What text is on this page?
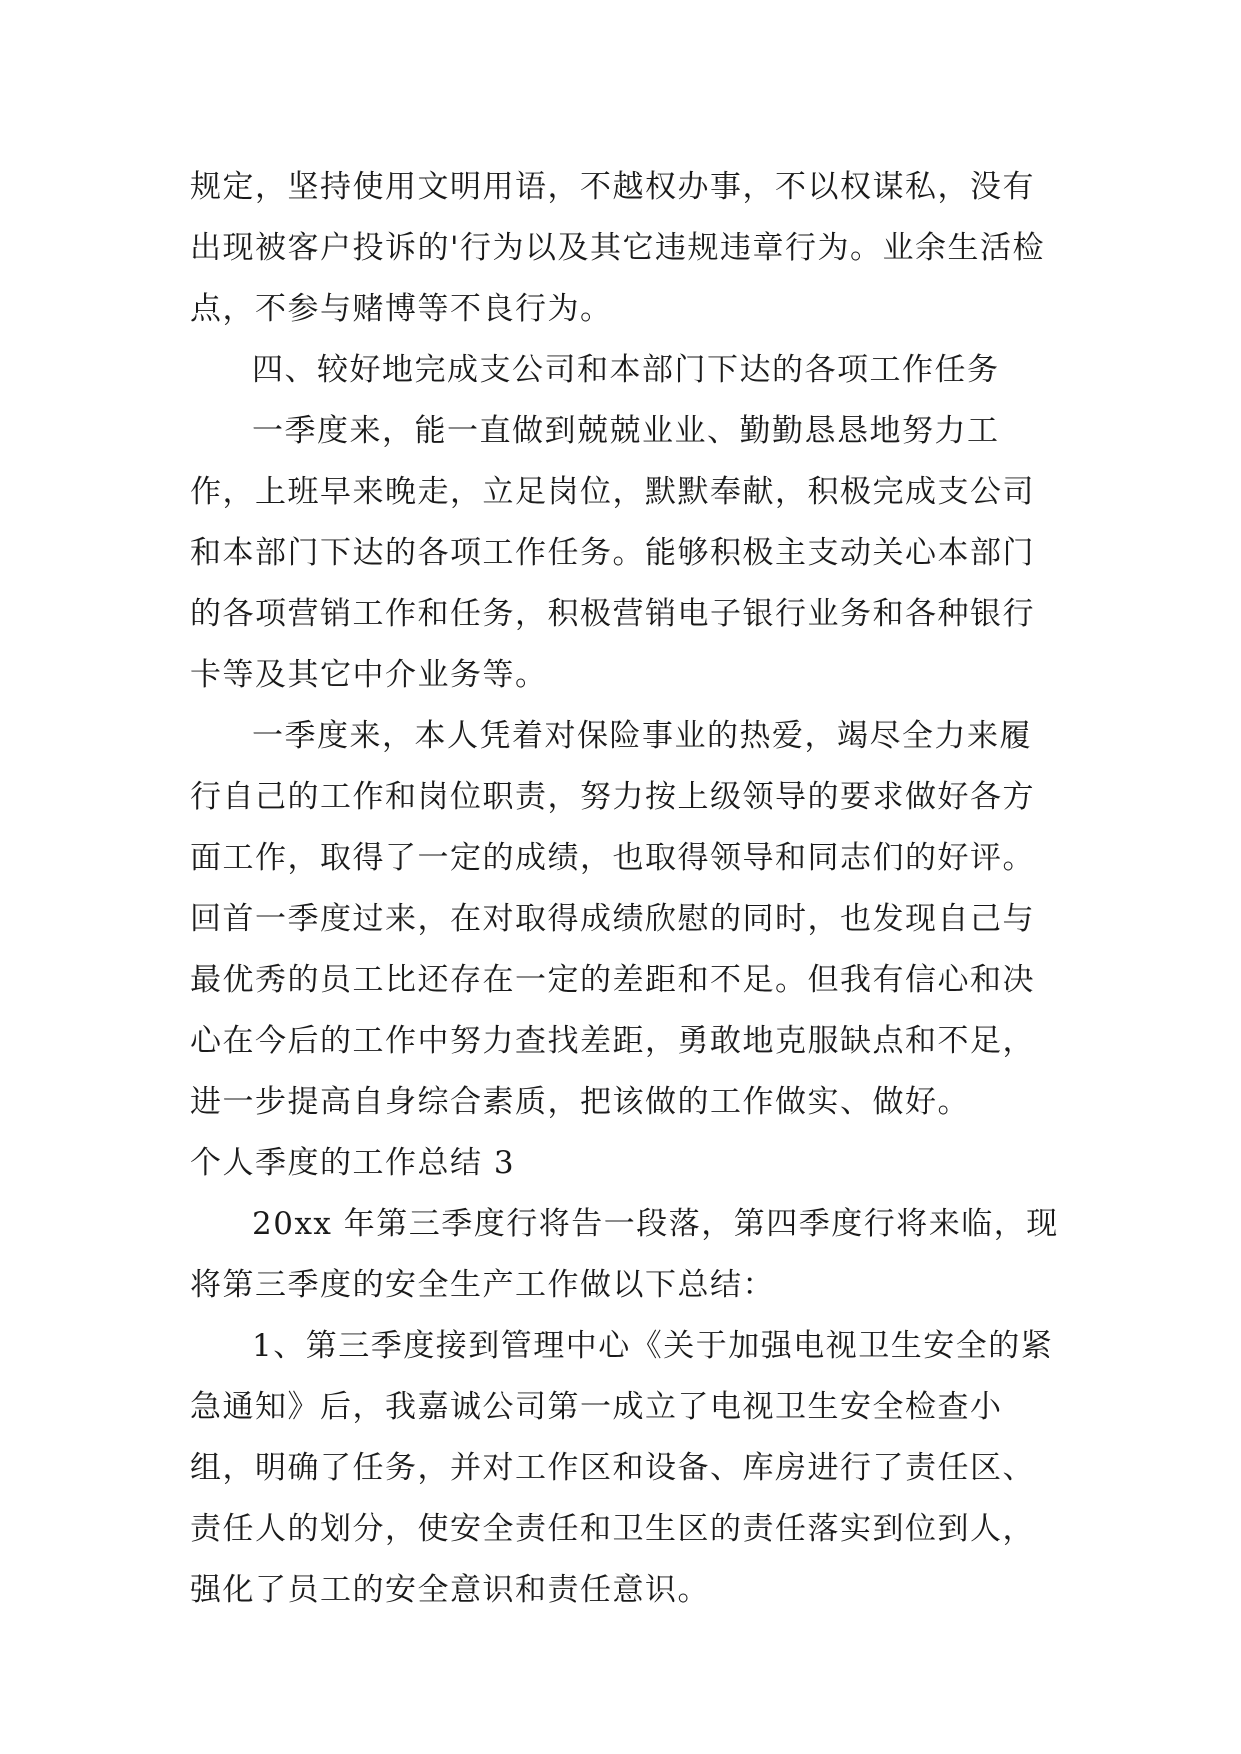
规定，坚持使用文明用语，不越权办事，不以权谋私，没有出现被客户投诉的'行为以及其它违规违章行为。业余生活检点，不参与赌博等不良行为。

四、较好地完成支公司和本部门下达的各项工作任务

一季度来，能一直做到兢兢业业、勤勤恳恳地努力工作，上班早来晚走，立足岗位，默默奉献，积极完成支公司和本部门下达的各项工作任务。能够积极主支动关心本部门的各项营销工作和任务，积极营销电子银行业务和各种银行卡等及其它中介业务等。

一季度来，本人凭着对保险事业的热爱，竭尽全力来履行自己的工作和岗位职责，努力按上级领导的要求做好各方面工作，取得了一定的成绩，也取得领导和同志们的好评。回首一季度过来，在对取得成绩欣慰的同时，也发现自己与最优秀的员工比还存在一定的差距和不足。但我有信心和决心在今后的工作中努力查找差距，勇敢地克服缺点和不足，进一步提高自身综合素质，把该做的工作做实、做好。

个人季度的工作总结 3

20xx 年第三季度行将告一段落，第四季度行将来临，现将第三季度的安全生产工作做以下总结：

1、第三季度接到管理中心《关于加强电视卫生安全的紧急通知》后，我嘉诚公司第一成立了电视卫生安全检查小组，明确了任务，并对工作区和设备、库房进行了责任区、责任人的划分，使安全责任和卫生区的责任落实到位到人，强化了员工的安全意识和责任意识。
